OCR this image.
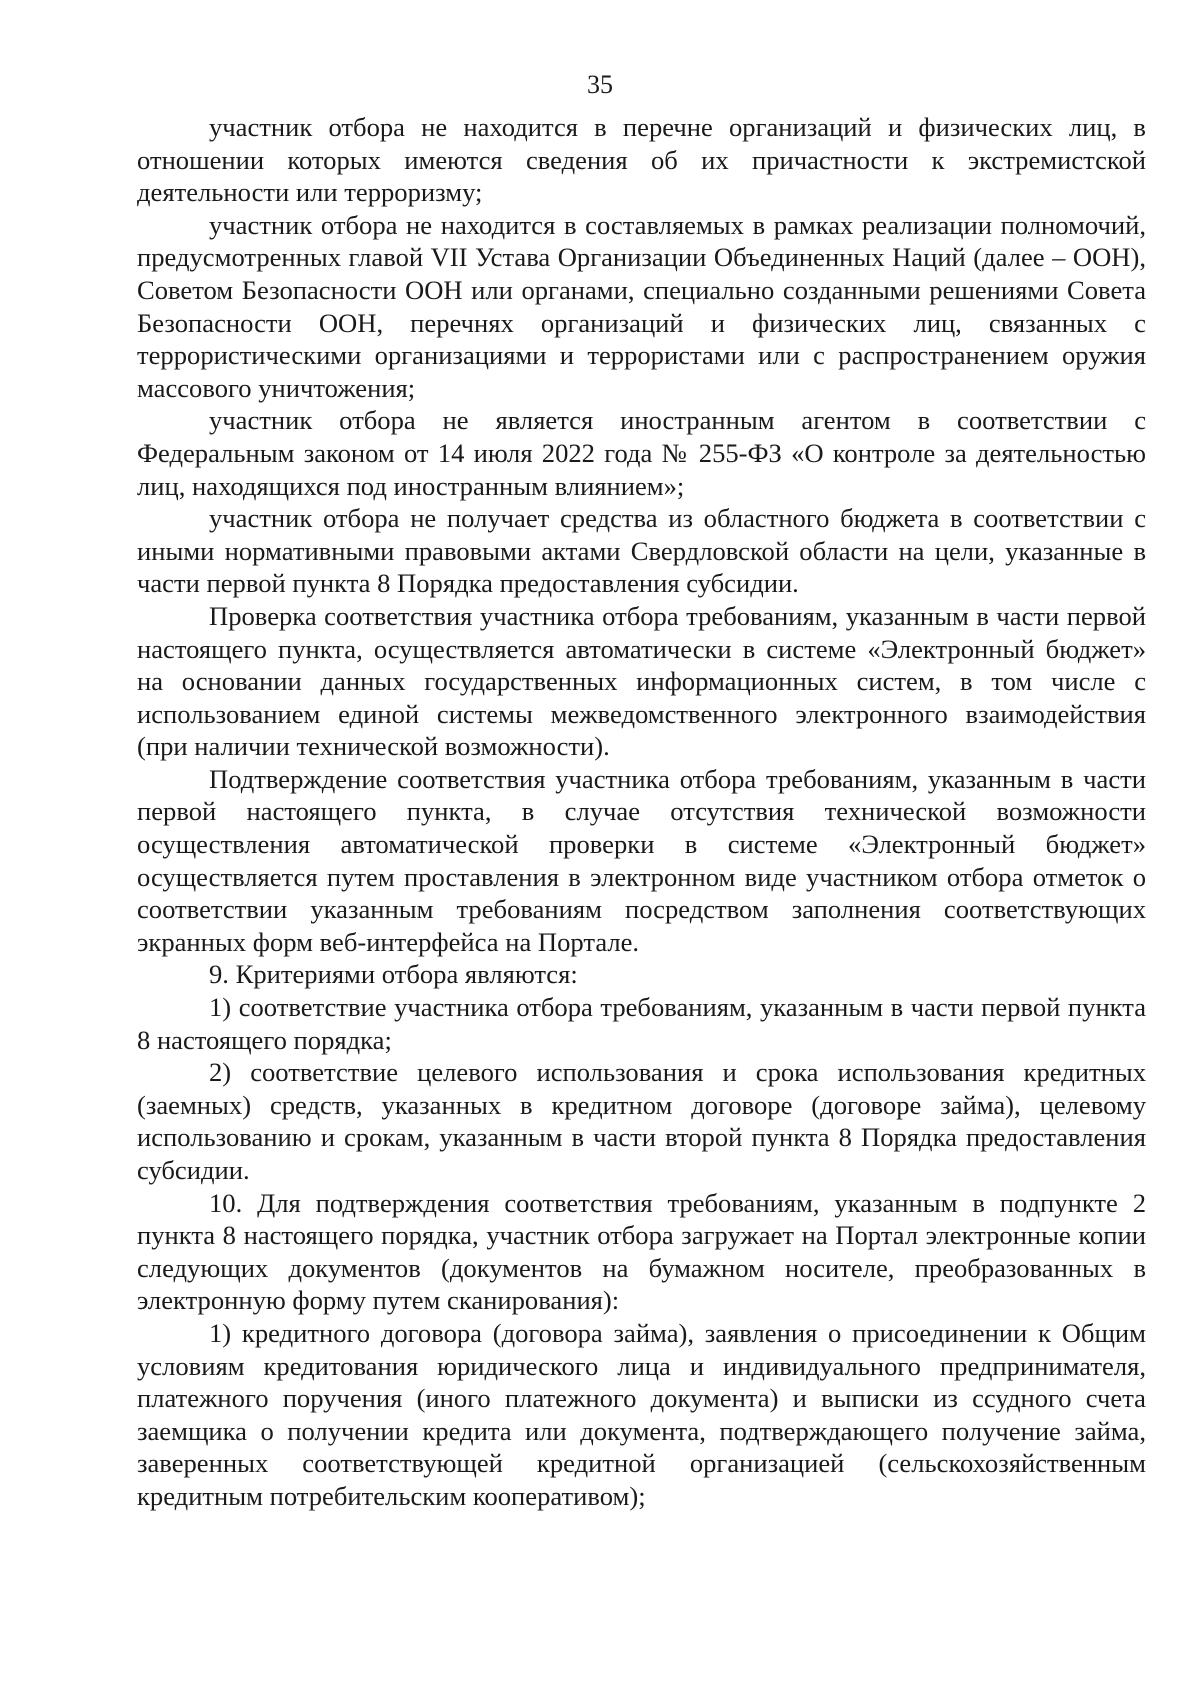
35

участник отбора не находится в перечне организаций и физических лиц, в отношении которых имеются сведения об их причастности к экстремистской деятельности или терроризму;

участник отбора не находится в составляемых в рамках реализации полномочий, предусмотренных главой VII Устава Организации Объединенных Наций (далее – ООН), Советом Безопасности ООН или органами, специально созданными решениями Совета Безопасности ООН, перечнях организаций и физических лиц, связанных с террористическими организациями и террористами или с распространением оружия массового уничтожения;

участник отбора не является иностранным агентом в соответствии с Федеральным законом от 14 июля 2022 года № 255-ФЗ «О контроле за деятельностью лиц, находящихся под иностранным влиянием»;

участник отбора не получает средства из областного бюджета в соответствии с иными нормативными правовыми актами Свердловской области на цели, указанные в части первой пункта 8 Порядка предоставления субсидии.

Проверка соответствия участника отбора требованиям, указанным в части первой настоящего пункта, осуществляется автоматически в системе «Электронный бюджет» на основании данных государственных информационных систем, в том числе с использованием единой системы межведомственного электронного взаимодействия (при наличии технической возможности).

Подтверждение соответствия участника отбора требованиям, указанным в части первой настоящего пункта, в случае отсутствия технической возможности осуществления автоматической проверки в системе «Электронный бюджет» осуществляется путем проставления в электронном виде участником отбора отметок о соответствии указанным требованиям посредством заполнения соответствующих экранных форм веб-интерфейса на Портале.

9. Критериями отбора являются:

1) соответствие участника отбора требованиям, указанным в части первой пункта 8 настоящего порядка;

2) соответствие целевого использования и срока использования кредитных (заемных) средств, указанных в кредитном договоре (договоре займа), целевому использованию и срокам, указанным в части второй пункта 8 Порядка предоставления субсидии.

10. Для подтверждения соответствия требованиям, указанным в подпункте 2 пункта 8 настоящего порядка, участник отбора загружает на Портал электронные копии следующих документов (документов на бумажном носителе, преобразованных в электронную форму путем сканирования):

1) кредитного договора (договора займа), заявления о присоединении к Общим условиям кредитования юридического лица и индивидуального предпринимателя, платежного поручения (иного платежного документа) и выписки из ссудного счета заемщика о получении кредита или документа, подтверждающего получение займа, заверенных соответствующей кредитной организацией (сельскохозяйственным кредитным потребительским кооперативом);
